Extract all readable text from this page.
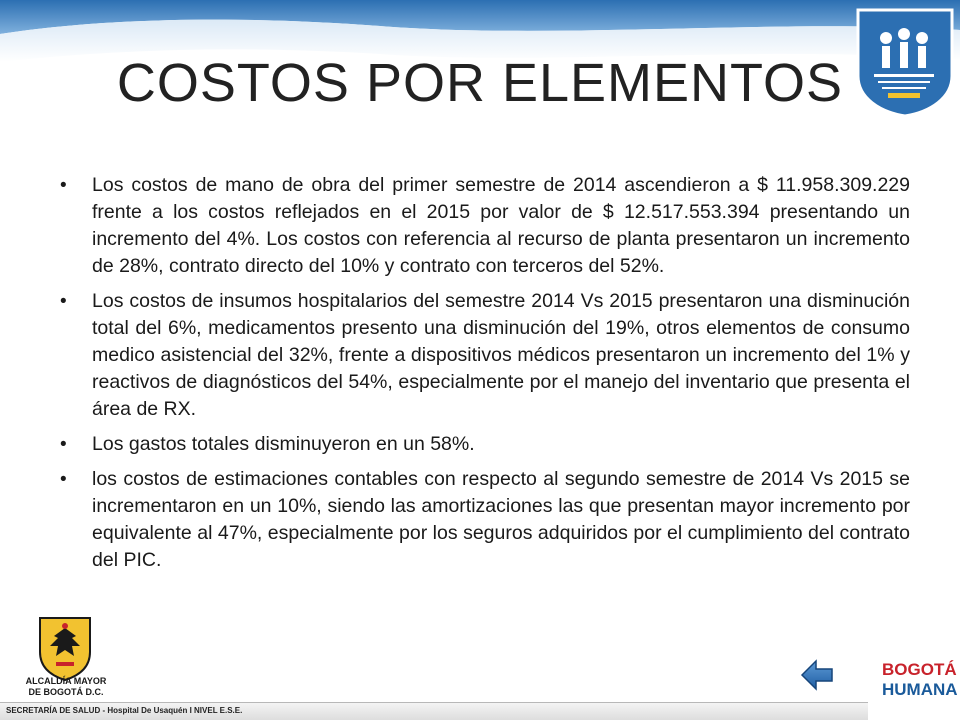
COSTOS POR ELEMENTOS
• Los costos de mano de obra del primer semestre de 2014 ascendieron a $ 11.958.309.229 frente a los costos reflejados en el 2015 por valor de $ 12.517.553.394 presentando un incremento del 4%. Los costos con referencia al recurso de planta presentaron un incremento de 28%, contrato directo del 10% y contrato con terceros del 52%.
• Los costos de insumos hospitalarios del semestre 2014 Vs 2015 presentaron una disminución total del 6%, medicamentos presento una disminución del 19%, otros elementos de consumo medico asistencial del 32%, frente a dispositivos médicos presentaron un incremento del 1% y reactivos de diagnósticos del 54%, especialmente por el manejo del inventario que presenta el área de RX.
• Los gastos totales disminuyeron en un 58%.
• los costos de estimaciones contables con respecto al segundo semestre de 2014 Vs 2015 se incrementaron en un 10%, siendo las amortizaciones las que presentan mayor incremento por equivalente al 47%, especialmente por los seguros adquiridos por el cumplimiento del contrato del PIC.
ALCALDÍA MAYOR
DE BOGOTÁ D.C.
BOGOTÁ
HUMANA
SECRETARÍA DE SALUD - Hospital De Usaquén I NIVEL E.S.E.
